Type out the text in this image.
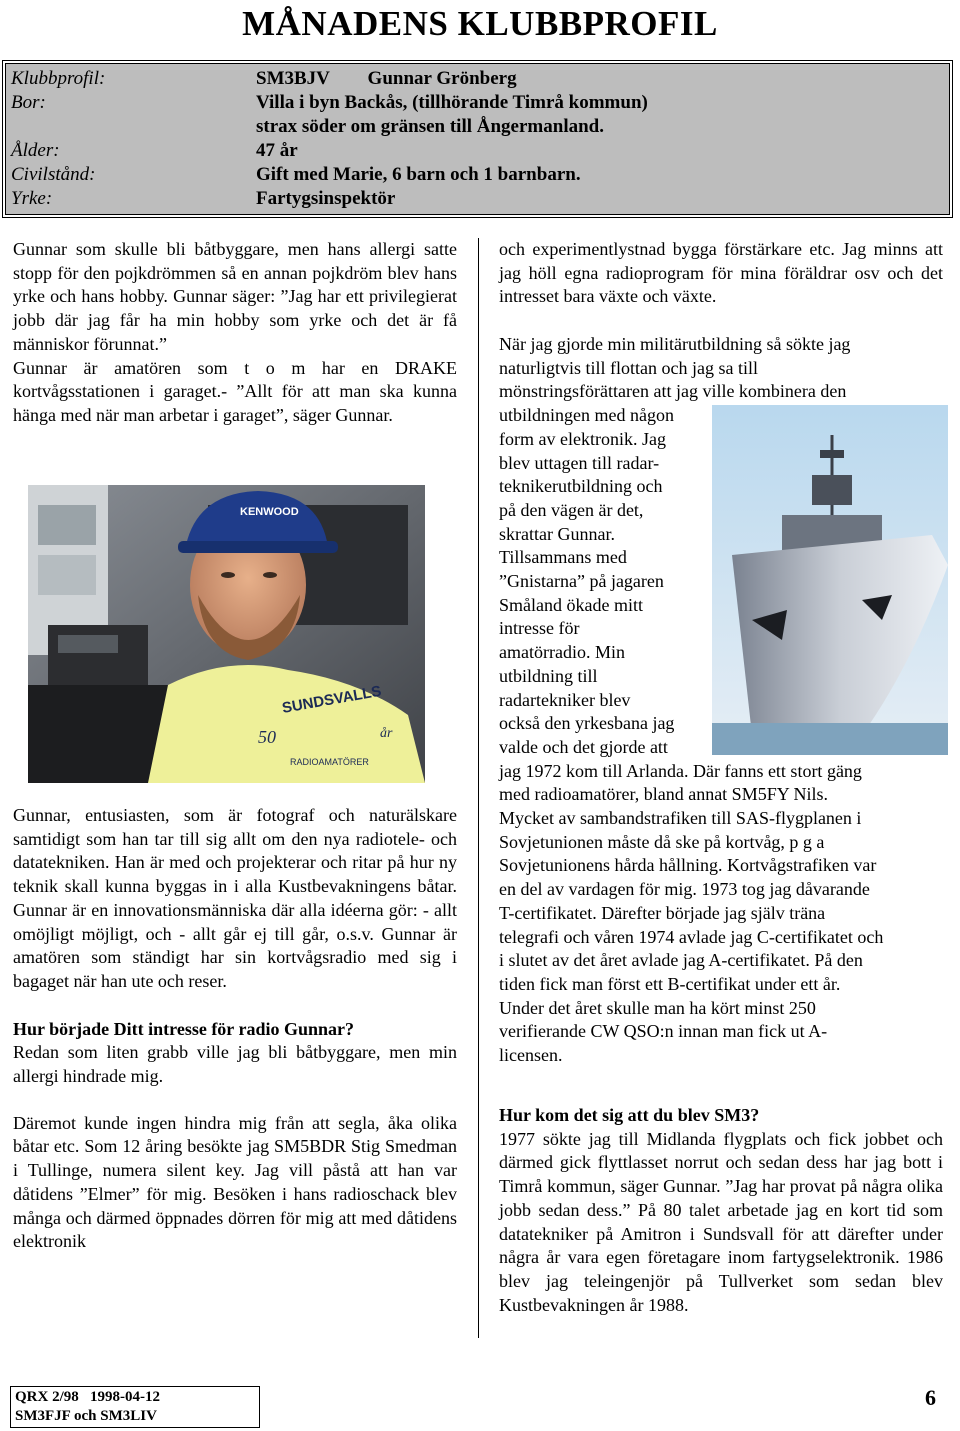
MÅNADENS KLUBBPROFIL
Klubbprofil:	SM3BJV        Gunnar Grönberg
Bor:	Villa i byn Backås, (tillhörande Timrå kommun)
strax söder om gränsen till Ångermanland.
Ålder:	47 år
Civilstånd:	Gift med Marie, 6 barn och 1 barnbarn.
Yrke:	Fartygsinspektör

Gunnar som skulle bli båtbyggare, men hans allergi satte stopp för den pojkdrömmen så en annan pojkdröm blev hans yrke och hans hobby. Gunnar säger: ”Jag har ett privilegierat jobb där jag får ha min hobby som yrke och det är få människor förunnat.”

Gunnar är amatören som t o m har en DRAKE kortvågsstationen i garaget.- ”Allt för att man ska kunna hänga med när man arbetar i garaget”, säger Gunnar.

KENWOOD
SUNDSVALLS
50	år
RADIOAMATÖRER

Gunnar, entusiasten, som är fotograf och naturälskare samtidigt som han tar till sig allt om den nya radiotele- och datatekniken. Han är med och projekterar och ritar på hur ny teknik skall kunna byggas in i alla Kustbevakningens båtar. Gunnar är en innovationsmänniska där alla idéerna gör: - allt omöjligt möjligt, och - allt går ej till går, o.s.v. Gunnar är amatören som ständigt har sin kortvågsradio med sig i bagaget när han ute och reser.

Hur började Ditt intresse för radio Gunnar?

Redan som liten grabb ville jag bli båtbyggare, men min allergi hindrade mig.

Däremot kunde ingen hindra mig från att segla, åka olika båtar etc. Som 12 åring besökte jag SM5BDR Stig Smedman i Tullinge, numera silent key. Jag vill påstå att han var dåtidens ”Elmer” för mig. Besöken i hans radioschack blev många och därmed öppnades dörren för mig att med dåtidens elektronik

och experimentlystnad bygga förstärkare etc. Jag minns att jag höll egna radioprogram för mina föräldrar osv och det intresset bara växte och växte.

När jag gjorde min militärutbildning så sökte jag

naturligtvis till flottan och jag sa till

mönstringsförättaren att jag ville kombinera den

utbildningen med någon

form av elektronik. Jag

blev uttagen till radar-

teknikerutbildning och

på den vägen är det,

skrattar Gunnar.

Tillsammans med

”Gnistarna” på jagaren

Småland ökade mitt

intresse för

amatörradio. Min

utbildning till

radartekniker blev

också den yrkesbana jag

valde och det gjorde att

jag 1972 kom till Arlanda. Där fanns ett stort gäng

med radioamatörer, bland annat SM5FY Nils.

Mycket av sambandstrafiken till SAS-flygplanen i

Sovjetunionen måste då ske på kortvåg, p g a

Sovjetunionens hårda hållning. Kortvågstrafiken var

en del av vardagen för mig. 1973 tog jag dåvarande

T-certifikatet. Därefter började jag själv träna

telegrafi och våren 1974 avlade jag C-certifikatet och

i slutet av det året avlade jag A-certifikatet. På den

tiden fick man först ett B-certifikat under ett år.

Under det året skulle man ha kört minst 250

verifierande CW QSO:n innan man fick ut A-

licensen.

Hur kom det sig att du blev SM3?

1977 sökte jag till Midlanda flygplats och fick jobbet och därmed gick flyttlasset norrut och sedan dess har jag bott i Timrå kommun, säger Gunnar. ”Jag har provat på några olika jobb sedan dess.” På 80 talet arbetade jag en kort tid som datatekniker på Amitron i Sundsvall för att därefter under några år vara egen företagare inom fartygselektronik. 1986 blev jag teleingenjör på Tullverket som sedan blev Kustbevakningen år 1988.

QRX 2/98   1998-04-12
SM3FJF och SM3LIV
6
